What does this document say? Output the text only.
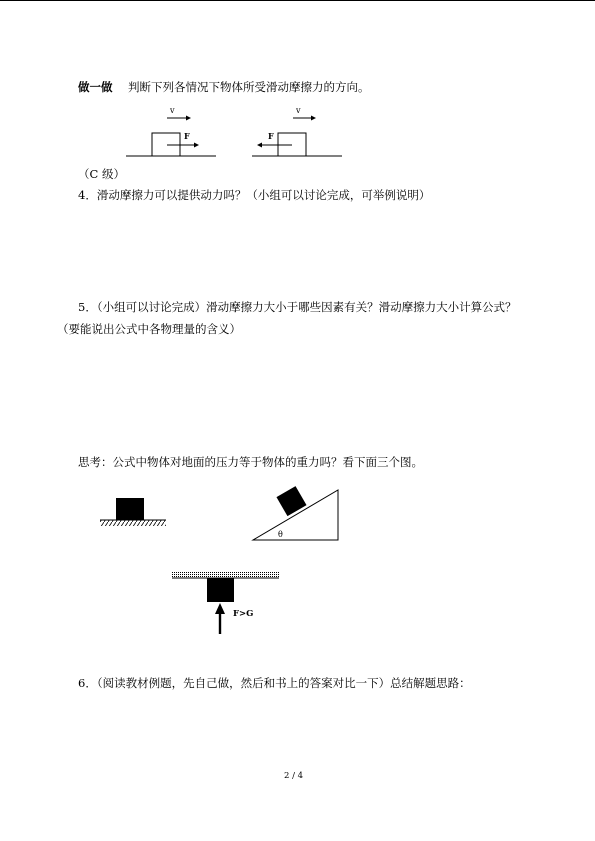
做一做 判断下列各情况下物体所受滑动摩擦力的方向。
v
F
v
F
θ
F>G
（C 级）
4．滑动摩擦力可以提供动力吗？（小组可以讨论完成，可举例说明）
5．（小组可以讨论完成）滑动摩擦力大小于哪些因素有关？滑动摩擦力大小计算公式？
（要能说出公式中各物理量的含义）
思考：公式中物体对地面的压力等于物体的重力吗？看下面三个图。
6．（阅读教材例题，先自己做，然后和书上的答案对比一下）总结解题思路：
2 / 4
